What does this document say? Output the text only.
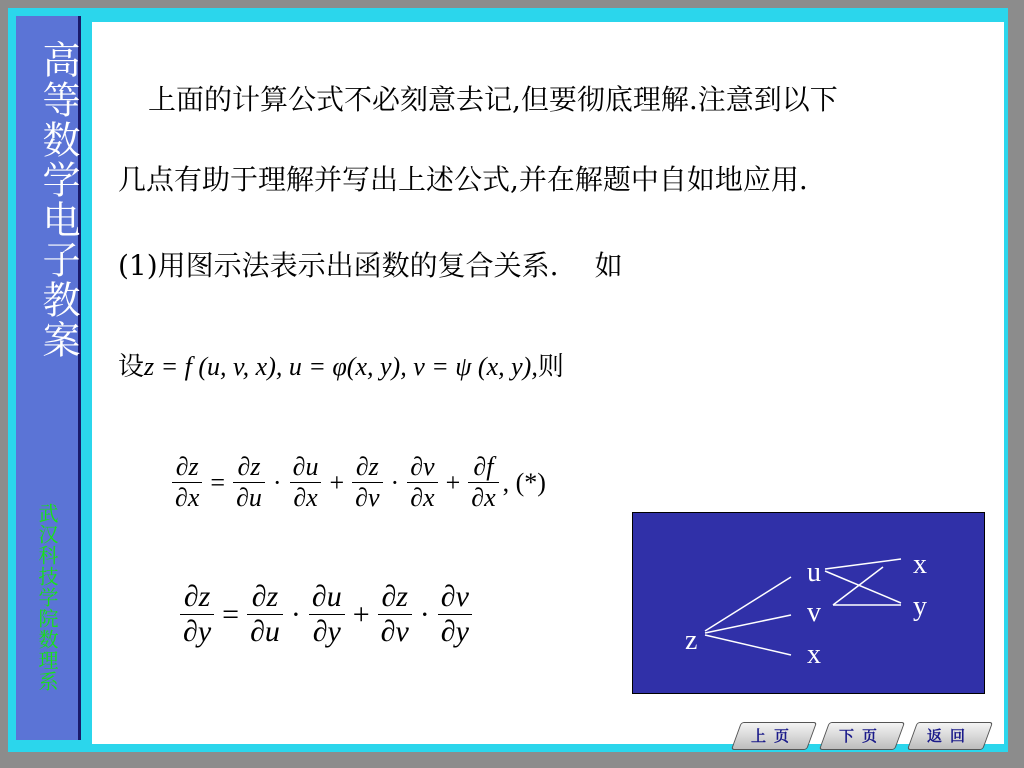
高等数学电子教案
武汉科技学院数理系
上面的计算公式不必刻意去记,但要彻底理解.注意到以下
几点有助于理解并写出上述公式,并在解题中自如地应用.
(1)用图示法表示出函数的复合关系. 如
设z = f (u, v, x), u = φ(x, y), v = ψ (x, y),则
$\frac{\partial z}{\partial x} = \frac{\partial z}{\partial u} \cdot \frac{\partial u}{\partial x} + \frac{\partial z}{\partial v} \cdot \frac{\partial v}{\partial x} + \frac{\partial f}{\partial x}$ , (*)
$\frac{\partial z}{\partial y} = \frac{\partial z}{\partial u} \cdot \frac{\partial u}{\partial y} + \frac{\partial z}{\partial v} \cdot \frac{\partial v}{\partial y}$	z
u
v
x
x
y
上页	下页	返回
